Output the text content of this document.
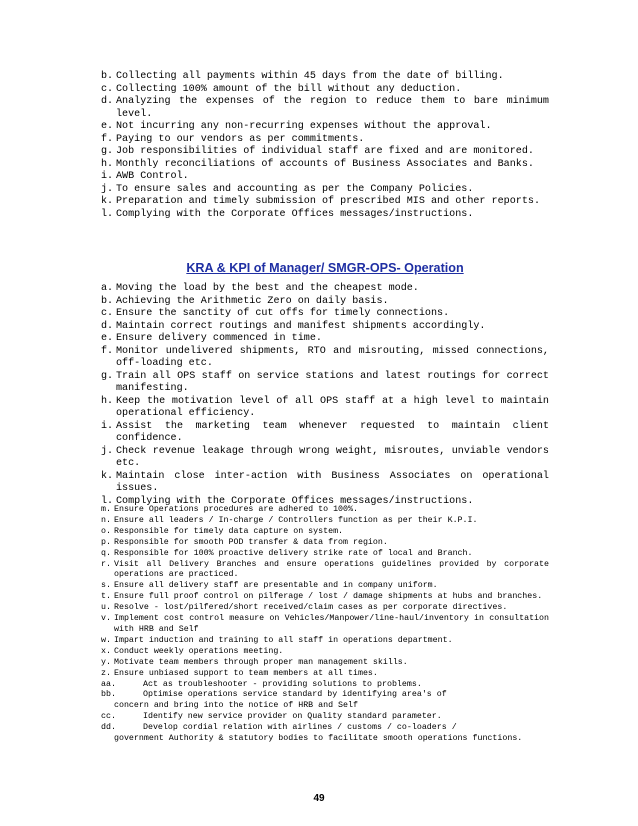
b. Collecting all payments within 45 days from the date of billing.
c. Collecting 100% amount of the bill without any deduction.
d. Analyzing the expenses of the region to reduce them to bare minimum level.
e. Not incurring any non-recurring expenses without the approval.
f. Paying to our vendors as per commitments.
g. Job responsibilities of individual staff are fixed and are monitored.
h. Monthly reconciliations of accounts of Business Associates and Banks.
i. AWB Control.
j. To ensure sales and accounting as per the Company Policies.
k. Preparation and timely submission of prescribed MIS and other reports.
l. Complying with the Corporate Offices messages/instructions.
KRA & KPI of Manager/ SMGR-OPS- Operation
a. Moving the load by the best and the cheapest mode.
b. Achieving the Arithmetic Zero on daily basis.
c. Ensure the sanctity of cut offs for timely connections.
d. Maintain correct routings and manifest shipments accordingly.
e. Ensure delivery commenced in time.
f. Monitor undelivered shipments, RTO and misrouting, missed connections, off-loading etc.
g. Train all OPS staff on service stations and latest routings for correct manifesting.
h. Keep the motivation level of all OPS staff at a high level to maintain operational efficiency.
i. Assist the marketing team whenever requested to maintain client confidence.
j. Check revenue leakage through wrong weight, misroutes, unviable vendors etc.
k. Maintain close inter-action with Business Associates on operational issues.
l. Complying with the Corporate Offices messages/instructions.
m. Ensure Operations procedures are adhered to 100%.
n. Ensure all leaders / In-charge / Controllers function as per their K.P.I.
o. Responsible for timely data capture on system.
p. Responsible for smooth POD transfer & data from region.
q. Responsible for 100% proactive delivery strike rate of local and Branch.
r. Visit all Delivery Branches and ensure operations guidelines provided by corporate operations are practiced.
s. Ensure all delivery staff are presentable and in company uniform.
t. Ensure full proof control on pilferage / lost / damage shipments at hubs and branches.
u. Resolve - lost/pilfered/short received/claim cases as per corporate directives.
v. Implement cost control measure on Vehicles/Manpower/line-haul/inventory in consultation with HRB and Self
w. Impart induction and training to all staff in operations department.
x. Conduct weekly operations meeting.
y. Motivate team members through proper man management skills.
z. Ensure unbiased support to team members at all times.
aa.	Act as troubleshooter - providing solutions to problems.
bb.	Optimise operations service standard by identifying area's of
concern and bring into the notice of HRB and Self
cc.	Identify new service provider on Quality standard parameter.
dd.	Develop cordial relation with airlines / customs / co-loaders /
government Authority & statutory bodies to facilitate smooth operations functions.
49
